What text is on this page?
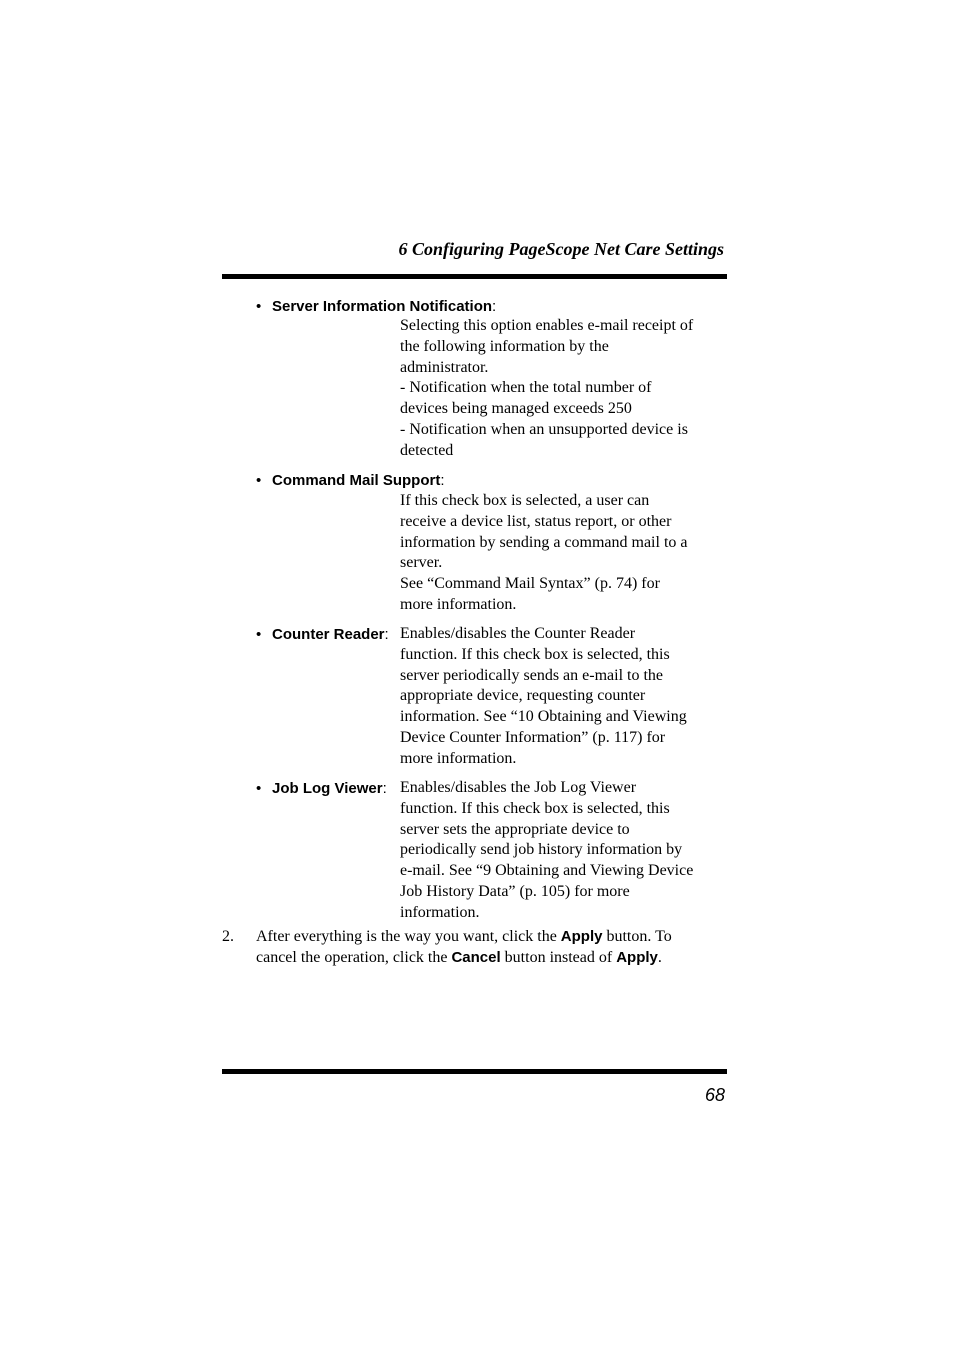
6 Configuring PageScope Net Care Settings
• Server Information Notification:
Selecting this option enables e-mail receipt of
the following information by the
administrator.
- Notification when the total number of
devices being managed exceeds 250
- Notification when an unsupported device is
detected
• Command Mail Support:
If this check box is selected, a user can
receive a device list, status report, or other
information by sending a command mail to a
server.
See “Command Mail Syntax” (p. 74) for
more information.
• Counter Reader: Enables/disables the Counter Reader
function. If this check box is selected, this
server periodically sends an e-mail to the
appropriate device, requesting counter
information. See “10 Obtaining and Viewing
Device Counter Information” (p. 117) for
more information.
• Job Log Viewer: Enables/disables the Job Log Viewer
function. If this check box is selected, this
server sets the appropriate device to
periodically send job history information by
e-mail. See “9 Obtaining and Viewing Device
Job History Data” (p. 105) for more
information.
2. After everything is the way you want, click the Apply button. To
cancel the operation, click the Cancel button instead of Apply.
68
